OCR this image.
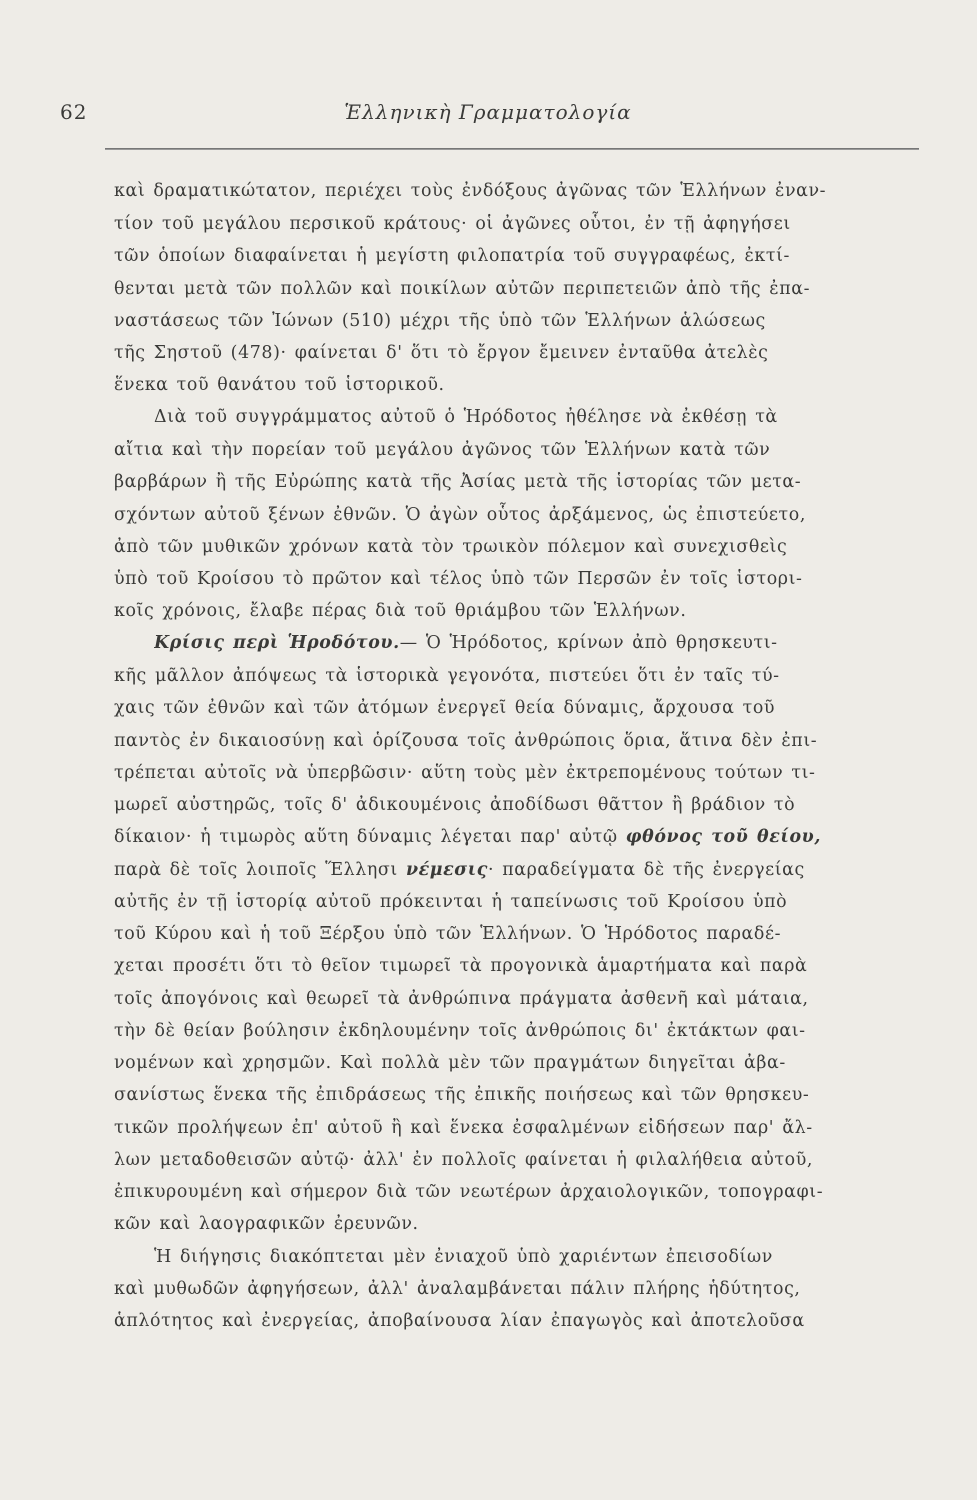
62	Ἑλληνικὴ Γραμματολογία
καὶ δραματικώτατον, περιέχει τοὺς ἐνδόξους ἀγῶνας τῶν Ἑλλήνων ἐναν-
τίον τοῦ μεγάλου περσικοῦ κράτους· οἱ ἀγῶνες οὗτοι, ἐν τῇ ἀφηγήσει
τῶν ὁποίων διαφαίνεται ἡ μεγίστη φιλοπατρία τοῦ συγγραφέως, ἐκτί-
θενται μετὰ τῶν πολλῶν καὶ ποικίλων αὐτῶν περιπετειῶν ἀπὸ τῆς ἐπα-
ναστάσεως τῶν Ἰώνων (510) μέχρι τῆς ὑπὸ τῶν Ἑλλήνων ἁλώσεως
τῆς Σηστοῦ (478)· φαίνεται δ' ὅτι τὸ ἔργον ἔμεινεν ἐνταῦθα ἀτελὲς
ἕνεκα τοῦ θανάτου τοῦ ἱστορικοῦ.
Διὰ τοῦ συγγράμματος αὐτοῦ ὁ Ἡρόδοτος ἠθέλησε νὰ ἐκθέσῃ τὰ
αἴτια καὶ τὴν πορείαν τοῦ μεγάλου ἀγῶνος τῶν Ἑλλήνων κατὰ τῶν
βαρβάρων ἢ τῆς Εὐρώπης κατὰ τῆς Ἀσίας μετὰ τῆς ἱστορίας τῶν μετα-
σχόντων αὐτοῦ ξένων ἐθνῶν. Ὁ ἀγὼν οὗτος ἀρξάμενος, ὡς ἐπιστεύετο,
ἀπὸ τῶν μυθικῶν χρόνων κατὰ τὸν τρωικὸν πόλεμον καὶ συνεχισθεὶς
ὑπὸ τοῦ Κροίσου τὸ πρῶτον καὶ τέλος ὑπὸ τῶν Περσῶν ἐν τοῖς ἱστορι-
κοῖς χρόνοις, ἔλαβε πέρας διὰ τοῦ θριάμβου τῶν Ἑλλήνων.
Κρίσις περὶ Ἡροδότου.— Ὁ Ἡρόδοτος, κρίνων ἀπὸ θρησκευτι-
κῆς μᾶλλον ἀπόψεως τὰ ἱστορικὰ γεγονότα, πιστεύει ὅτι ἐν ταῖς τύ-
χαις τῶν ἐθνῶν καὶ τῶν ἀτόμων ἐνεργεῖ θεία δύναμις, ἄρχουσα τοῦ
παντὸς ἐν δικαιοσύνῃ καὶ ὁρίζουσα τοῖς ἀνθρώποις ὅρια, ἅτινα δὲν ἐπι-
τρέπεται αὐτοῖς νὰ ὑπερβῶσιν· αὕτη τοὺς μὲν ἐκτρεπομένους τούτων τι-
μωρεῖ αὐστηρῶς, τοῖς δ' ἀδικουμένοις ἀποδίδωσι θᾶττον ἢ βράδιον τὸ
δίκαιον· ἡ τιμωρὸς αὕτη δύναμις λέγεται παρ' αὐτῷ φθόνος τοῦ θείου,
παρὰ δὲ τοῖς λοιποῖς Ἕλλησι νέμεσις· παραδείγματα δὲ τῆς ἐνεργείας
αὐτῆς ἐν τῇ ἱστορίᾳ αὐτοῦ πρόκεινται ἡ ταπείνωσις τοῦ Κροίσου ὑπὸ
τοῦ Κύρου καὶ ἡ τοῦ Ξέρξου ὑπὸ τῶν Ἑλλήνων. Ὁ Ἡρόδοτος παραδέ-
χεται προσέτι ὅτι τὸ θεῖον τιμωρεῖ τὰ προγονικὰ ἁμαρτήματα καὶ παρὰ
τοῖς ἀπογόνοις καὶ θεωρεῖ τὰ ἀνθρώπινα πράγματα ἀσθενῆ καὶ μάταια,
τὴν δὲ θείαν βούλησιν ἐκδηλουμένην τοῖς ἀνθρώποις δι' ἐκτάκτων φαι-
νομένων καὶ χρησμῶν. Καὶ πολλὰ μὲν τῶν πραγμάτων διηγεῖται ἀβα-
σανίστως ἕνεκα τῆς ἐπιδράσεως τῆς ἐπικῆς ποιήσεως καὶ τῶν θρησκευ-
τικῶν προλήψεων ἐπ' αὐτοῦ ἢ καὶ ἕνεκα ἐσφαλμένων εἰδήσεων παρ' ἄλ-
λων μεταδοθεισῶν αὐτῷ· ἀλλ' ἐν πολλοῖς φαίνεται ἡ φιλαλήθεια αὐτοῦ,
ἐπικυρουμένη καὶ σήμερον διὰ τῶν νεωτέρων ἀρχαιολογικῶν, τοπογραφι-
κῶν καὶ λαογραφικῶν ἐρευνῶν.
Ἡ διήγησις διακόπτεται μὲν ἐνιαχοῦ ὑπὸ χαριέντων ἐπεισοδίων
καὶ μυθωδῶν ἀφηγήσεων, ἀλλ' ἀναλαμβάνεται πάλιν πλήρης ἡδύτητος,
ἁπλότητος καὶ ἐνεργείας, ἀποβαίνουσα λίαν ἐπαγωγὸς καὶ ἀποτελοῦσα
